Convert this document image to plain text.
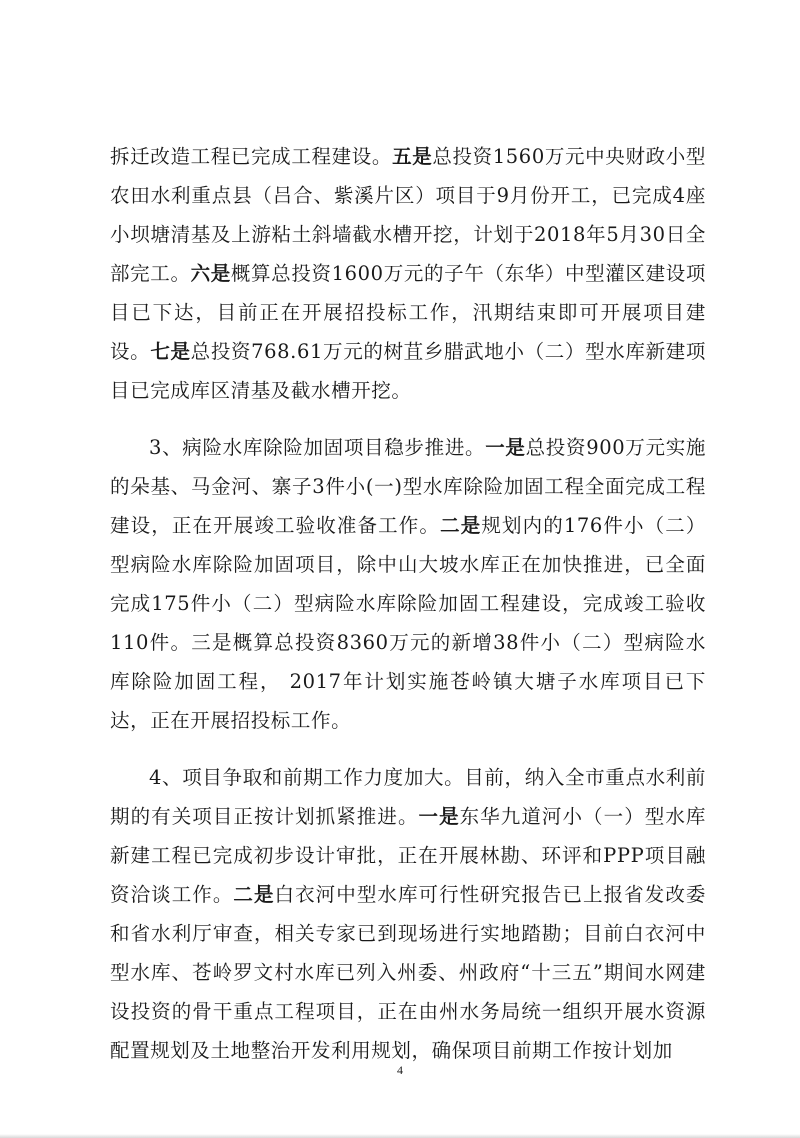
拆迁改造工程已完成工程建设。五是总投资1560万元中央财政小型农田水利重点县（吕合、紫溪片区）项目于9月份开工，已完成4座小坝塘清基及上游粘土斜墙截水槽开挖，计划于2018年5月30日全部完工。六是概算总投资1600万元的子午（东华）中型灌区建设项目已下达，目前正在开展招投标工作，汛期结束即可开展项目建设。七是总投资768.61万元的树苴乡腊武地小（二）型水库新建项目已完成库区清基及截水槽开挖。

3、病险水库除险加固项目稳步推进。一是总投资900万元实施的朵基、马金河、寨子3件小(一)型水库除险加固工程全面完成工程建设，正在开展竣工验收准备工作。二是规划内的176件小（二）型病险水库除险加固项目，除中山大坡水库正在加快推进，已全面完成175件小（二）型病险水库除险加固工程建设，完成竣工验收110件。三是概算总投资8360万元的新增38件小（二）型病险水库除险加固工程， 2017年计划实施苍岭镇大塘子水库项目已下达，正在开展招投标工作。

4、项目争取和前期工作力度加大。目前，纳入全市重点水利前期的有关项目正按计划抓紧推进。一是东华九道河小（一）型水库新建工程已完成初步设计审批，正在开展林勘、环评和PPP项目融资洽谈工作。二是白衣河中型水库可行性研究报告已上报省发改委和省水利厅审查，相关专家已到现场进行实地踏勘；目前白衣河中型水库、苍岭罗文村水库已列入州委、州政府“十三五”期间水网建设投资的骨干重点工程项目，正在由州水务局统一组织开展水资源配置规划及土地整治开发利用规划，确保项目前期工作按计划加

4
